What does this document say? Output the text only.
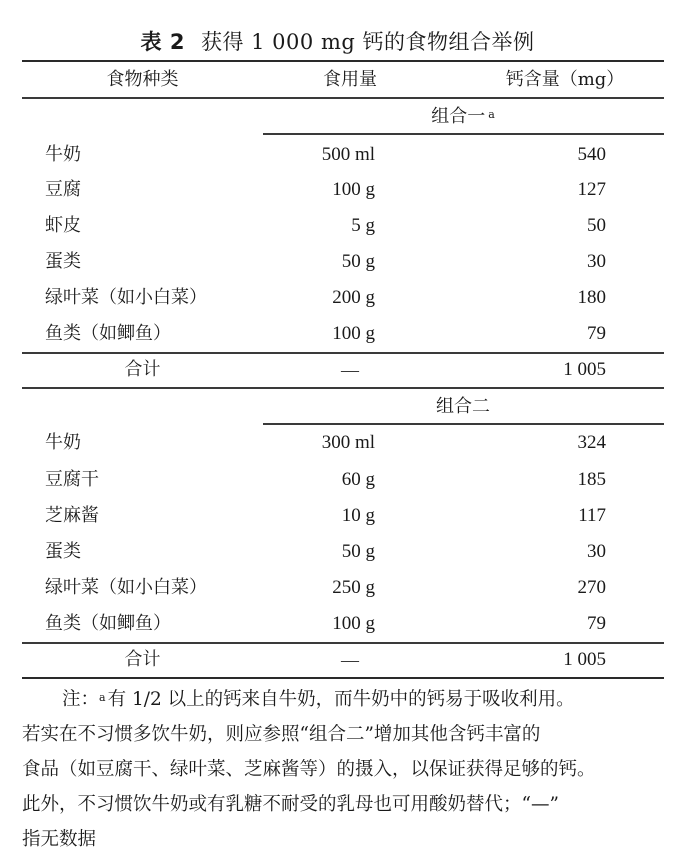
表 2 获得 1 000 mg 钙的食物组合举例
食物种类	食用量	钙含量（mg）
组合一 $^a$
牛奶	500 ml	540
豆腐	100 g	127
虾皮	5 g	50
蛋类	50 g	30
绿叶菜（如小白菜）	200 g	180
鱼类（如鲫鱼）	100 g	79
合计	—	1 005
组合二
牛奶	300 ml	324
豆腐干	60 g	185
芝麻酱	10 g	117
蛋类	50 g	30
绿叶菜（如小白菜）	250 g	270
鱼类（如鲫鱼）	100 g	79
合计	—	1 005
注：$^a$ 有 1/2 以上的钙来自牛奶，而牛奶中的钙易于吸收利用。
若实在不习惯多饮牛奶，则应参照“组合二”增加其他含钙丰富的
食品（如豆腐干、绿叶菜、芝麻酱等）的摄入，以保证获得足够的钙。
此外，不习惯饮牛奶或有乳糖不耐受的乳母也可用酸奶替代；“—”
指无数据
